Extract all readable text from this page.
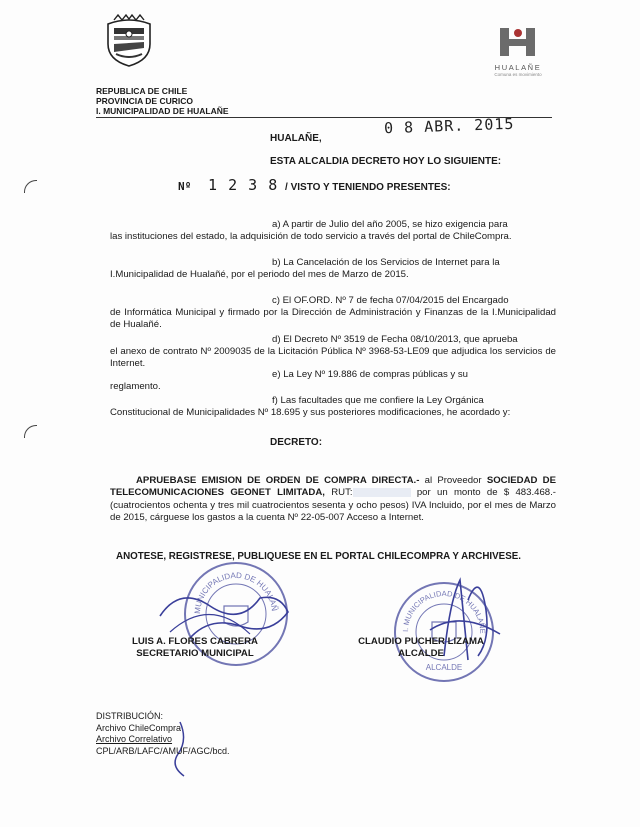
HUALAÑE
Comuna es movimiento
REPUBLICA DE CHILE
PROVINCIA DE CURICO
I. MUNICIPALIDAD DE HUALAÑE
HUALAÑE,
0 8 ABR. 2015
ESTA ALCALDIA DECRETO HOY LO SIGUIENTE:
Nº 1 2 3 8 / VISTO Y TENIENDO PRESENTES:
a) A partir de Julio del año 2005, se hizo exigencia para
las instituciones del estado, la adquisición de todo servicio a través del portal de ChileCompra.
b) La Cancelación de los Servicios de Internet para la
I.Municipalidad de Hualañé, por el periodo del mes de Marzo de 2015.
c) El OF.ORD. Nº 7 de fecha 07/04/2015 del Encargado
de Informática Municipal y firmado por la Dirección de Administración y Finanzas de la I.Municipalidad de Hualañé.
d) El Decreto Nº 3519 de Fecha 08/10/2013, que aprueba
el anexo de contrato Nº 2009035 de la Licitación Pública Nº 3968-53-LE09 que adjudica los servicios de Internet.
e) La Ley Nº 19.886 de compras públicas y su
reglamento.
f) Las facultades que me confiere la Ley Orgánica
Constitucional de Municipalidades Nº 18.695 y sus posteriores modificaciones, he acordado y:
DECRETO:
APRUEBASE EMISION DE ORDEN DE COMPRA DIRECTA.- al Proveedor SOCIEDAD DE TELECOMUNICACIONES GEONET LIMITADA, RUT:	por un monto de $ 483.468.- (cuatrocientos ochenta y tres mil cuatrocientos sesenta y ocho pesos) IVA Incluido, por el mes de Marzo de 2015, cárguese los gastos a la cuenta Nº 22-05-007 Acceso a Internet.
ANOTESE, REGISTRESE, PUBLIQUESE EN EL PORTAL CHILECOMPRA Y ARCHIVESE.
MUNICIPALIDAD DE HUALAÑ
I. MUNICIPALIDAD DE HUALAÑE
ALCALDE
LUIS A. FLORES CABRERA
SECRETARIO MUNICIPAL
CLAUDIO PUCHER LIZAMA
ALCALDE
DISTRIBUCIÓN:
Archivo ChileCompra
Archivo Correlativo
CPL/ARB/LAFC/AMUF/AGC/bcd.
